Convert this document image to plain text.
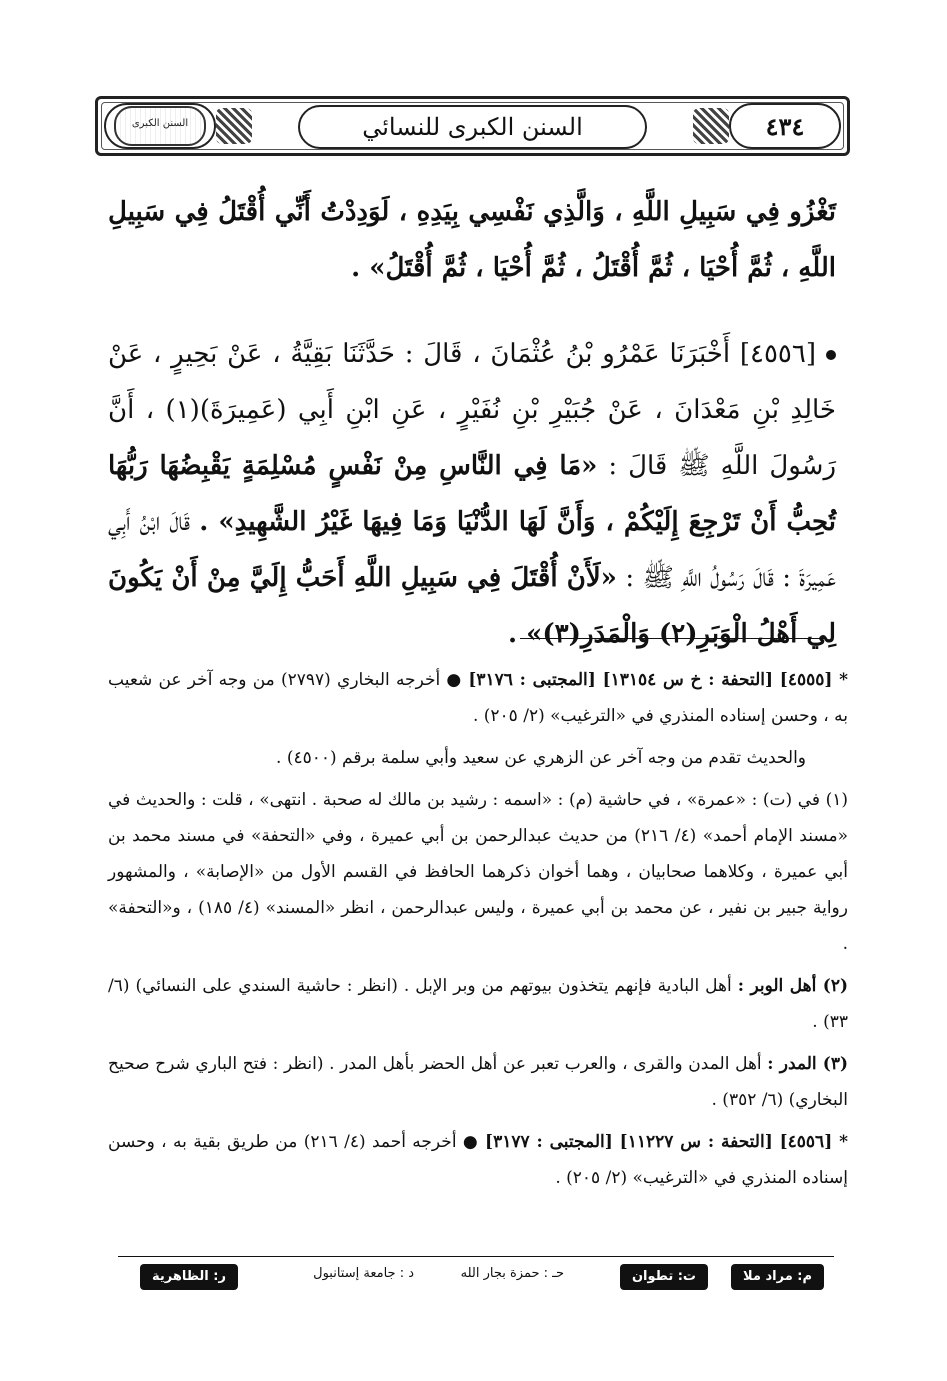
السنن الكبرى	السنن الكبرى للنسائي	٤٣٤
تَغْزُو فِي سَبِيلِ اللَّهِ ، وَالَّذِي نَفْسِي بِيَدِهِ ، لَوَدِدْتُ أَنِّي أُقْتَلُ فِي سَبِيلِ اللَّهِ ، ثُمَّ أُحْيَا ، ثُمَّ أُقْتَلُ ، ثُمَّ أُحْيَا ، ثُمَّ أُقْتَلُ» .
[٤٥٥٦] أَخْبَرَنَا عَمْرُو بْنُ عُثْمَانَ ، قَالَ : حَدَّثَنَا بَقِيَّةُ ، عَنْ بَحِيرٍ ، عَنْ خَالِدِ بْنِ مَعْدَانَ ، عَنْ جُبَيْرِ بْنِ نُفَيْرٍ ، عَنِ ابْنِ أَبِي (عَمِيرَةَ)(١) ، أَنَّ رَسُولَ اللَّهِ ﷺ قَالَ : «مَا فِي النَّاسِ مِنْ نَفْسٍ مُسْلِمَةٍ يَقْبِضُهَا رَبُّهَا تُحِبُّ أَنْ تَرْجِعَ إِلَيْكُمْ ، وَأَنَّ لَهَا الدُّنْيَا وَمَا فِيهَا غَيْرُ الشَّهِيدِ» . قَالَ ابْنُ أَبِي عَمِيرَةَ : قَالَ رَسُولُ اللَّهِ ﷺ : «لَأَنْ أُقْتَلَ فِي سَبِيلِ اللَّهِ أَحَبُّ إِلَيَّ مِنْ أَنْ يَكُونَ لِي أَهْلُ الْوَبَرِ(٢) وَالْمَدَرِ(٣)» .
* [٤٥٥٥] [التحفة : خ س ١٣١٥٤] [المجتبى : ٣١٧٦] ● أخرجه البخاري (٢٧٩٧) من وجه آخر عن شعيب به ، وحسن إسناده المنذري في «الترغيب» (٢/ ٢٠٥) .
والحديث تقدم من وجه آخر عن الزهري عن سعيد وأبي سلمة برقم (٤٥٠٠) .
(١) في (ت) : «عمرة» ، في حاشية (م) : «اسمه : رشيد بن مالك له صحبة . انتهى» ، قلت : والحديث في «مسند الإمام أحمد» (٤/ ٢١٦) من حديث عبدالرحمن بن أبي عميرة ، وفي «التحفة» في مسند محمد بن أبي عميرة ، وكلاهما صحابيان ، وهما أخوان ذكرهما الحافظ في القسم الأول من «الإصابة» ، والمشهور رواية جبير بن نفير ، عن محمد بن أبي عميرة ، وليس عبدالرحمن ، انظر «المسند» (٤/ ١٨٥) ، و«التحفة» .
(٢) أهل الوبر : أهل البادية فإنهم يتخذون بيوتهم من وبر الإبل . (انظر : حاشية السندي على النسائي) (٦/ ٣٣) .
(٣) المدر : أهل المدن والقرى ، والعرب تعبر عن أهل الحضر بأهل المدر . (انظر : فتح الباري شرح صحيح البخاري) (٦/ ٣٥٢) .
* [٤٥٥٦] [التحفة : س ١١٢٢٧] [المجتبى : ٣١٧٧] ● أخرجه أحمد (٤/ ٢١٦) من طريق بقية به ، وحسن إسناده المنذري في «الترغيب» (٢/ ٢٠٥) .
م: مراد ملا
ت: تطوان
حـ : حمزة بجار الله
د : جامعة إستانبول
ر: الظاهرية
